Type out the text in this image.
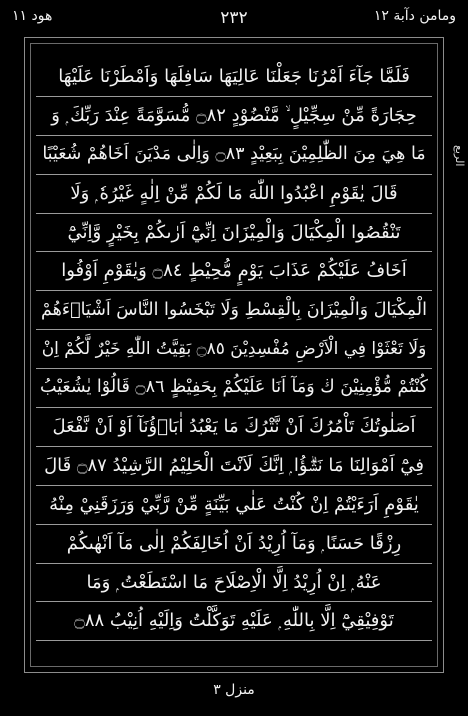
هود ١١	٢٣٢	ومامن دآبة ١٢
الربع
فَلَمَّا جَآءَ اَمْرُنَا جَعَلْنَا عَالِيَهَا سَافِلَهَا وَاَمْطَرْنَا عَلَيْهَا
حِجَارَةً مِّنْ سِجِّيْلٍ ۙ مَّنْضُوْدٍ ۝٨٢ مُّسَوَّمَةً عِنْدَ رَبِّكَ ۭ وَ
مَا هِيَ مِنَ الظّٰلِمِيْنَ بِبَعِيْدٍ ۝٨٣ وَاِلٰى مَدْيَنَ اَخَاهُمْ شُعَيْبًا
قَالَ يٰقَوْمِ اعْبُدُوا اللّٰهَ مَا لَكُمْ مِّنْ اِلٰهٍ غَيْرُهٗ ۭ وَلَا
تَنْقُصُوا الْمِكْيَالَ وَالْمِيْزَانَ اِنِّيْٓ اَرٰىكُمْ بِخَيْرٍ وَّاِنِّيْٓ
اَخَافُ عَلَيْكُمْ عَذَابَ يَوْمٍ مُّحِيْطٍ ۝٨٤ وَيٰقَوْمِ اَوْفُوا
الْمِكْيَالَ وَالْمِيْزَانَ بِالْقِسْطِ وَلَا تَبْخَسُوا النَّاسَ اَشْيَاۗءَهُمْ
وَلَا تَعْثَوْا فِي الْاَرْضِ مُفْسِدِيْنَ ۝٨٥ بَقِيَّتُ اللّٰهِ خَيْرٌ لَّكُمْ اِنْ
كُنْتُمْ مُّؤْمِنِيْنَ ڬ وَمَآ اَنَا عَلَيْكُمْ بِحَفِيْظٍ ۝٨٦ قَالُوْا يٰشُعَيْبُ
اَصَلٰوتُكَ تَاْمُرُكَ اَنْ نَّتْرُكَ مَا يَعْبُدُ اٰبَاۗؤُنَآ اَوْ اَنْ نَّفْعَلَ
فِيْٓ اَمْوَالِنَا مَا نَشٰۗؤُا ۭ اِنَّكَ لَاَنْتَ الْحَلِيْمُ الرَّشِيْدُ ۝٨٧ قَالَ
يٰقَوْمِ اَرَءَيْتُمْ اِنْ كُنْتُ عَلٰي بَيِّنَةٍ مِّنْ رَّبِّيْ وَرَزَقَنِيْ مِنْهُ
رِزْقًا حَسَنًا ۭ وَمَآ اُرِيْدُ اَنْ اُخَالِفَكُمْ اِلٰى مَآ اَنْهٰىكُمْ
عَنْهُ ۭ اِنْ اُرِيْدُ اِلَّا الْاِصْلَاحَ مَا اسْتَطَعْتُ ۭ وَمَا
تَوْفِيْقِيْٓ اِلَّا بِاللّٰهِ ۭ عَلَيْهِ تَوَكَّلْتُ وَاِلَيْهِ اُنِيْبُ ۝٨٨
منزل ٣
